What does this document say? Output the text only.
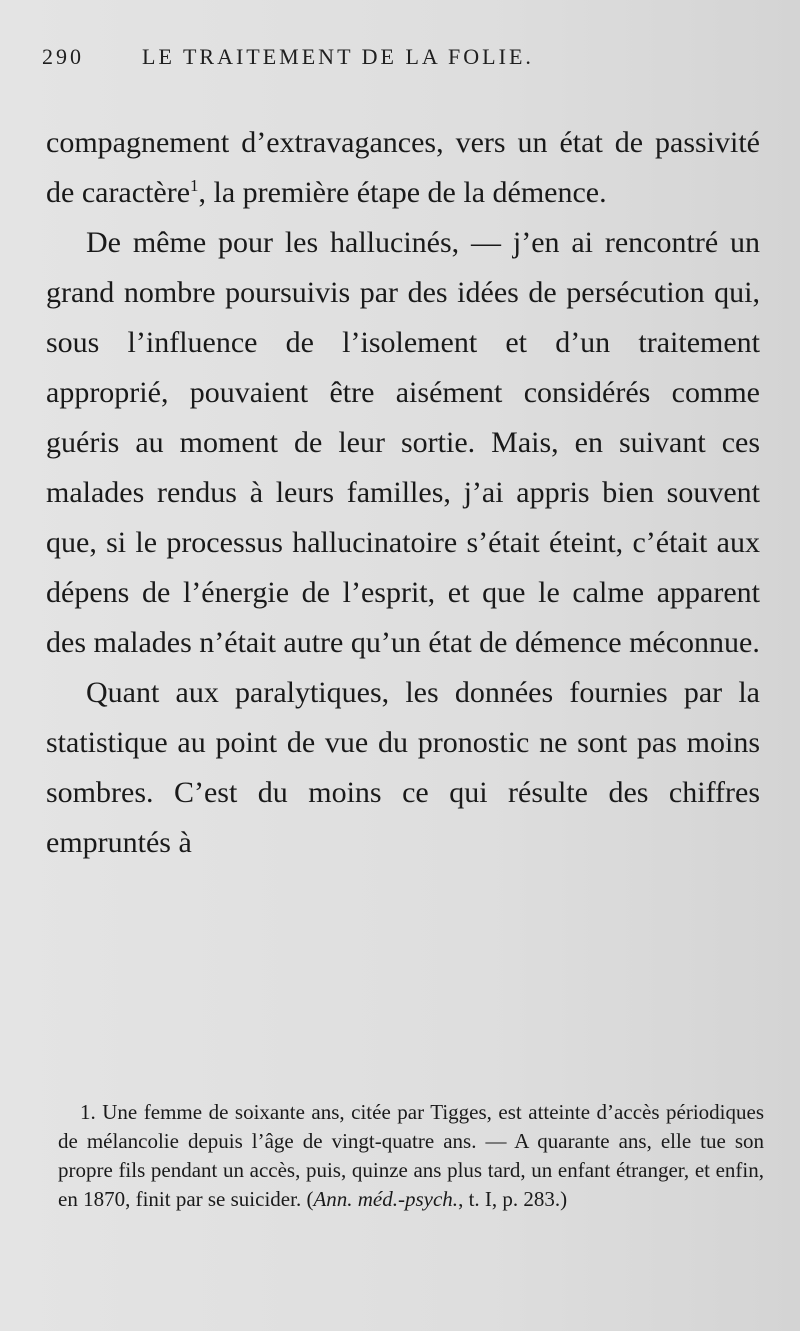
290	LE TRAITEMENT DE LA FOLIE.

compagnement d’extravagances, vers un état de passivité de caractère$^1$, la première étape de la démence.

De même pour les hallucinés, — j’en ai rencontré un grand nombre poursuivis par des idées de persécution qui, sous l’influence de l’isolement et d’un traitement approprié, pouvaient être aisément considérés comme guéris au moment de leur sortie. Mais, en suivant ces malades rendus à leurs familles, j’ai appris bien souvent que, si le processus hallucinatoire s’était éteint, c’était aux dépens de l’énergie de l’esprit, et que le calme apparent des malades n’était autre qu’un état de démence méconnue.

Quant aux paralytiques, les données fournies par la statistique au point de vue du pronostic ne sont pas moins sombres. C’est du moins ce qui résulte des chiffres empruntés à

1. Une femme de soixante ans, citée par Tigges, est atteinte d’accès périodiques de mélancolie depuis l’âge de vingt-quatre ans. — A quarante ans, elle tue son propre fils pendant un accès, puis, quinze ans plus tard, un enfant étranger, et enfin, en 1870, finit par se suicider. (Ann. méd.-psych., t. I, p. 283.)
